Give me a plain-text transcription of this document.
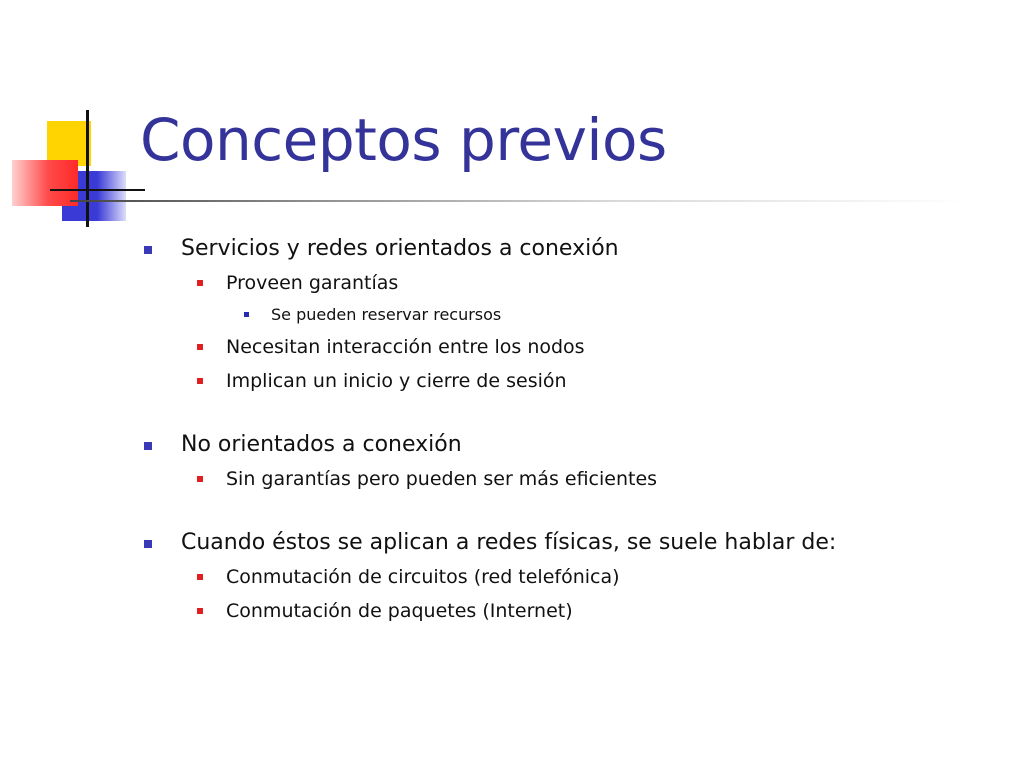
Conceptos previos
Servicios y redes orientados a conexión
Proveen garantías
Se pueden reservar recursos
Necesitan interacción entre los nodos
Implican un inicio y cierre de sesión
No orientados a conexión
Sin garantías pero pueden ser más eficientes
Cuando éstos se aplican a redes físicas, se suele hablar de:
Conmutación de circuitos (red telefónica)
Conmutación de paquetes (Internet)
